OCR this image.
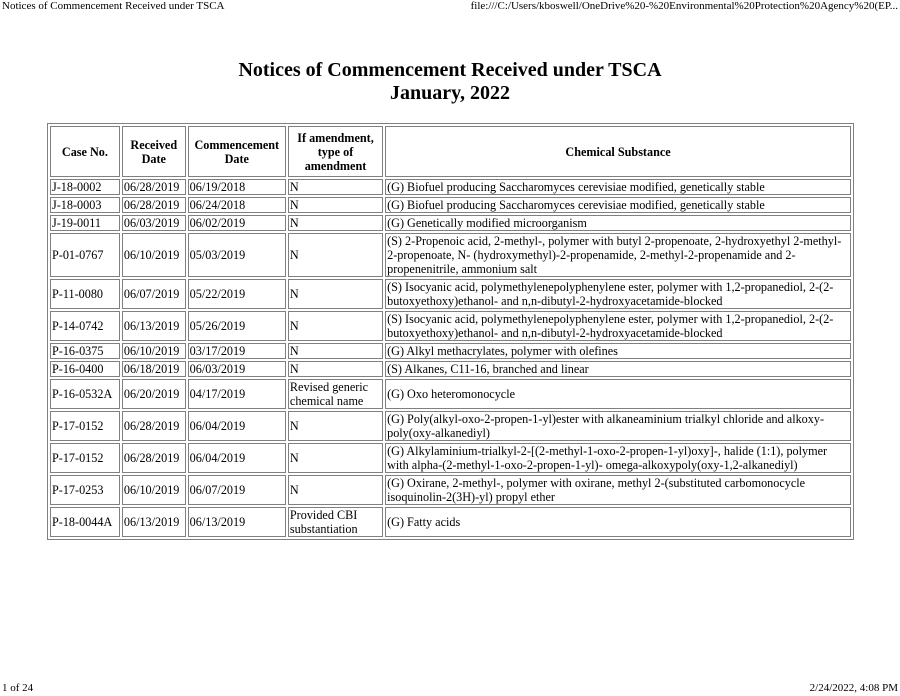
Notices of Commencement Received under TSCA	file:///C:/Users/kboswell/OneDrive%20-%20Environmental%20Protection%20Agency%20(EP...
Notices of Commencement Received under TSCA
January, 2022
Case No.	Received Date	Commencement Date	If amendment, type of amendment	Chemical Substance
J-18-0002	06/28/2019	06/19/2018	N	(G) Biofuel producing Saccharomyces cerevisiae modified, genetically stable
J-18-0003	06/28/2019	06/24/2018	N	(G) Biofuel producing Saccharomyces cerevisiae modified, genetically stable
J-19-0011	06/03/2019	06/02/2019	N	(G) Genetically modified microorganism
P-01-0767	06/10/2019	05/03/2019	N	(S) 2-Propenoic acid, 2-methyl-, polymer with butyl 2-propenoate, 2-hydroxyethyl 2-methyl-2-propenoate, N- (hydroxymethyl)-2-propenamide, 2-methyl-2-propenamide and 2-propenenitrile, ammonium salt
P-11-0080	06/07/2019	05/22/2019	N	(S) Isocyanic acid, polymethylenepolyphenylene ester, polymer with 1,2-propanediol, 2-(2-butoxyethoxy)ethanol- and n,n-dibutyl-2-hydroxyacetamide-blocked
P-14-0742	06/13/2019	05/26/2019	N	(S) Isocyanic acid, polymethylenepolyphenylene ester, polymer with 1,2-propanediol, 2-(2-butoxyethoxy)ethanol- and n,n-dibutyl-2-hydroxyacetamide-blocked
P-16-0375	06/10/2019	03/17/2019	N	(G) Alkyl methacrylates, polymer with olefines
P-16-0400	06/18/2019	06/03/2019	N	(S) Alkanes, C11-16, branched and linear
P-16-0532A	06/20/2019	04/17/2019	Revised generic chemical name	(G) Oxo heteromonocycle
P-17-0152	06/28/2019	06/04/2019	N	(G) Poly(alkyl-oxo-2-propen-1-yl)ester with alkaneaminium trialkyl chloride and alkoxy-poly(oxy-alkanediyl)
P-17-0152	06/28/2019	06/04/2019	N	(G) Alkylaminium-trialkyl-2-[(2-methyl-1-oxo-2-propen-1-yl)oxy]-, halide (1:1), polymer with alpha-(2-methyl-1-oxo-2-propen-1-yl)- omega-alkoxypoly(oxy-1,2-alkanediyl)
P-17-0253	06/10/2019	06/07/2019	N	(G) Oxirane, 2-methyl-, polymer with oxirane, methyl 2-(substituted carbomonocycle isoquinolin-2(3H)-yl) propyl ether
P-18-0044A	06/13/2019	06/13/2019	Provided CBI substantiation	(G) Fatty acids
1 of 24	2/24/2022, 4:08 PM
